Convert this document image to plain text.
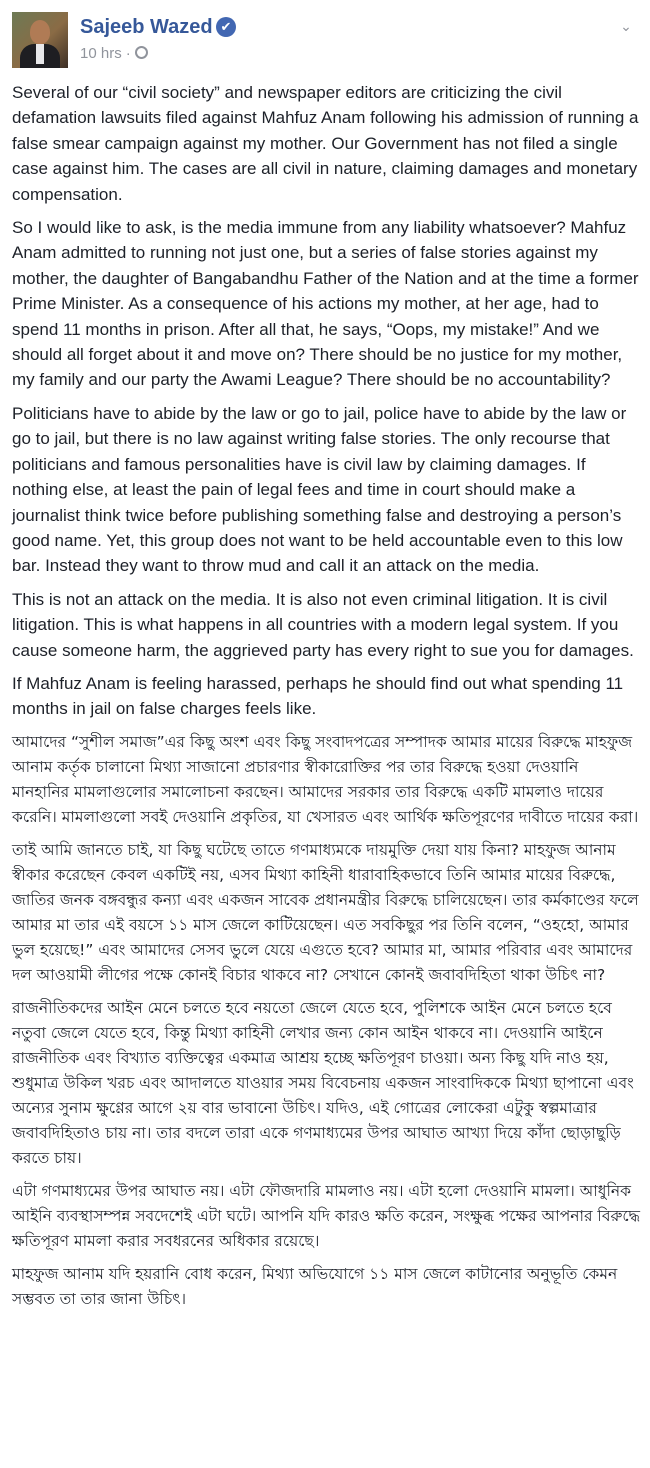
Sajeeb Wazed ✔
10 hrs ·
⌄

Several of our “civil society” and newspaper editors are criticizing the civil defamation lawsuits filed against Mahfuz Anam following his admission of running a false smear campaign against my mother. Our Government has not filed a single case against him. The cases are all civil in nature, claiming damages and monetary compensation.

So I would like to ask, is the media immune from any liability whatsoever? Mahfuz Anam admitted to running not just one, but a series of false stories against my mother, the daughter of Bangabandhu Father of the Nation and at the time a former Prime Minister. As a consequence of his actions my mother, at her age, had to spend 11 months in prison. After all that, he says, “Oops, my mistake!” And we should all forget about it and move on? There should be no justice for my mother, my family and our party the Awami League? There should be no accountability?

Politicians have to abide by the law or go to jail, police have to abide by the law or go to jail, but there is no law against writing false stories. The only recourse that politicians and famous personalities have is civil law by claiming damages. If nothing else, at least the pain of legal fees and time in court should make a journalist think twice before publishing something false and destroying a person’s good name. Yet, this group does not want to be held accountable even to this low bar. Instead they want to throw mud and call it an attack on the media.

This is not an attack on the media. It is also not even criminal litigation. It is civil litigation. This is what happens in all countries with a modern legal system. If you cause someone harm, the aggrieved party has every right to sue you for damages.

If Mahfuz Anam is feeling harassed, perhaps he should find out what spending 11 months in jail on false charges feels like.

আমাদের “সুশীল সমাজ”এর কিছু অংশ এবং কিছু সংবাদপত্রের সম্পাদক আমার মায়ের বিরুদ্ধে মাহফুজ আনাম কর্তৃক চালানো মিথ্যা সাজানো প্রচারণার স্বীকারোক্তির পর তার বিরুদ্ধে হওয়া দেওয়ানি মানহানির মামলাগুলোর সমালোচনা করছেন। আমাদের সরকার তার বিরুদ্ধে একটি মামলাও দায়ের করেনি। মামলাগুলো সবই দেওয়ানি প্রকৃতির, যা খেসারত এবং আর্থিক ক্ষতিপূরণের দাবীতে দায়ের করা।

তাই আমি জানতে চাই, যা কিছু ঘটেছে তাতে গণমাধ্যমকে দায়মুক্তি দেয়া যায় কিনা? মাহফুজ আনাম স্বীকার করেছেন কেবল একটিই নয়, এসব মিথ্যা কাহিনী ধারাবাহিকভাবে তিনি আমার মায়ের বিরুদ্ধে, জাতির জনক বঙ্গবন্ধুর কন্যা এবং একজন সাবেক প্রধানমন্ত্রীর বিরুদ্ধে চালিয়েছেন। তার কর্মকাণ্ডের ফলে আমার মা তার এই বয়সে ১১ মাস জেলে কাটিয়েছেন। এত সবকিছুর পর তিনি বলেন, “ওহহো, আমার ভুল হয়েছে!” এবং আমাদের সেসব ভুলে যেয়ে এগুতে হবে? আমার মা, আমার পরিবার এবং আমাদের দল আওয়ামী লীগের পক্ষে কোনই বিচার থাকবে না? সেখানে কোনই জবাবদিহিতা থাকা উচিৎ না?

রাজনীতিকদের আইন মেনে চলতে হবে নয়তো জেলে যেতে হবে, পুলিশকে আইন মেনে চলতে হবে নতুবা জেলে যেতে হবে, কিন্তু মিথ্যা কাহিনী লেখার জন্য কোন আইন থাকবে না। দেওয়ানি আইনে রাজনীতিক এবং বিখ্যাত ব্যক্তিত্বের একমাত্র আশ্রয় হচ্ছে ক্ষতিপূরণ চাওয়া। অন্য কিছু যদি নাও হয়, শুধুমাত্র উকিল খরচ এবং আদালতে যাওয়ার সময় বিবেচনায় একজন সাংবাদিককে মিথ্যা ছাপানো এবং অন্যের সুনাম ক্ষুণ্ণের আগে ২য় বার ভাবানো উচিৎ। যদিও, এই গোত্রের লোকেরা এটুকু স্বল্পমাত্রার জবাবদিহিতাও চায় না। তার বদলে তারা একে গণমাধ্যমের উপর আঘাত আখ্যা দিয়ে কাঁদা ছোড়াছুড়ি করতে চায়।

এটা গণমাধ্যমের উপর আঘাত নয়। এটা ফৌজদারি মামলাও নয়। এটা হলো দেওয়ানি মামলা। আধুনিক আইনি ব্যবস্থাসম্পন্ন সবদেশেই এটা ঘটে। আপনি যদি কারও ক্ষতি করেন, সংক্ষুব্ধ পক্ষের আপনার বিরুদ্ধে ক্ষতিপূরণ মামলা করার সবধরনের অধিকার রয়েছে।

মাহফুজ আনাম যদি হয়রানি বোধ করেন, মিথ্যা অভিযোগে ১১ মাস জেলে কাটানোর অনুভূতি কেমন সম্ভবত তা তার জানা উচিৎ।
